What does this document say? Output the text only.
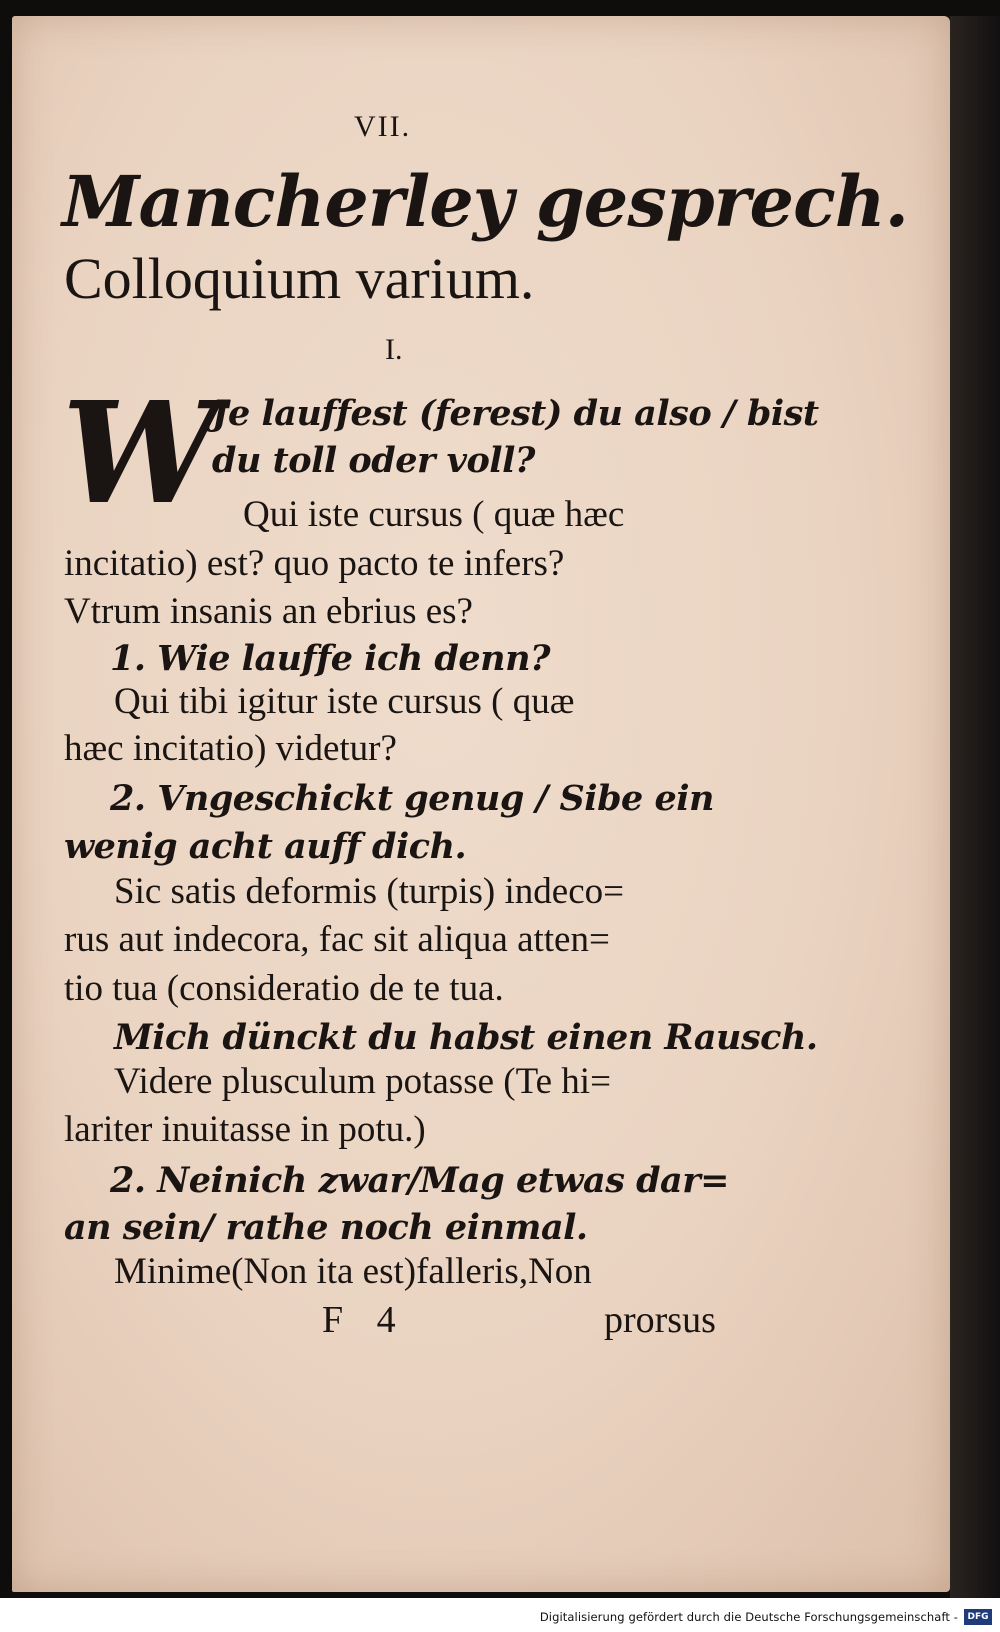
VII.
Mancherley gesprech.
Colloquium varium.
I.
W
Je lauffest (ferest) du also / bist
du toll oder voll?
Qui iste cursus ( quæ hæc
incitatio) est? quo pacto te infers?
Vtrum insanis an ebrius es?
1. Wie lauffe ich denn?
Qui tibi igitur iste cursus ( quæ
hæc incitatio) videtur?
2. Vngeschickt genug / Sibe ein
wenig acht auff dich.
Sic satis deformis (turpis) indeco=
rus aut indecora, fac sit aliqua atten=
tio tua (consideratio de te tua.
Mich dünckt du habst einen Rausch.
Videre plusculum potasse (Te hi=
lariter inuitasse in potu.)
2. Neinich zwar/Mag etwas dar=
an sein/ rathe noch einmal.
Minime(Non ita est)falleris,Non
F 4	prorsus
Digitalisierung gefördert durch die Deutsche Forschungsgemeinschaft -	DFG
